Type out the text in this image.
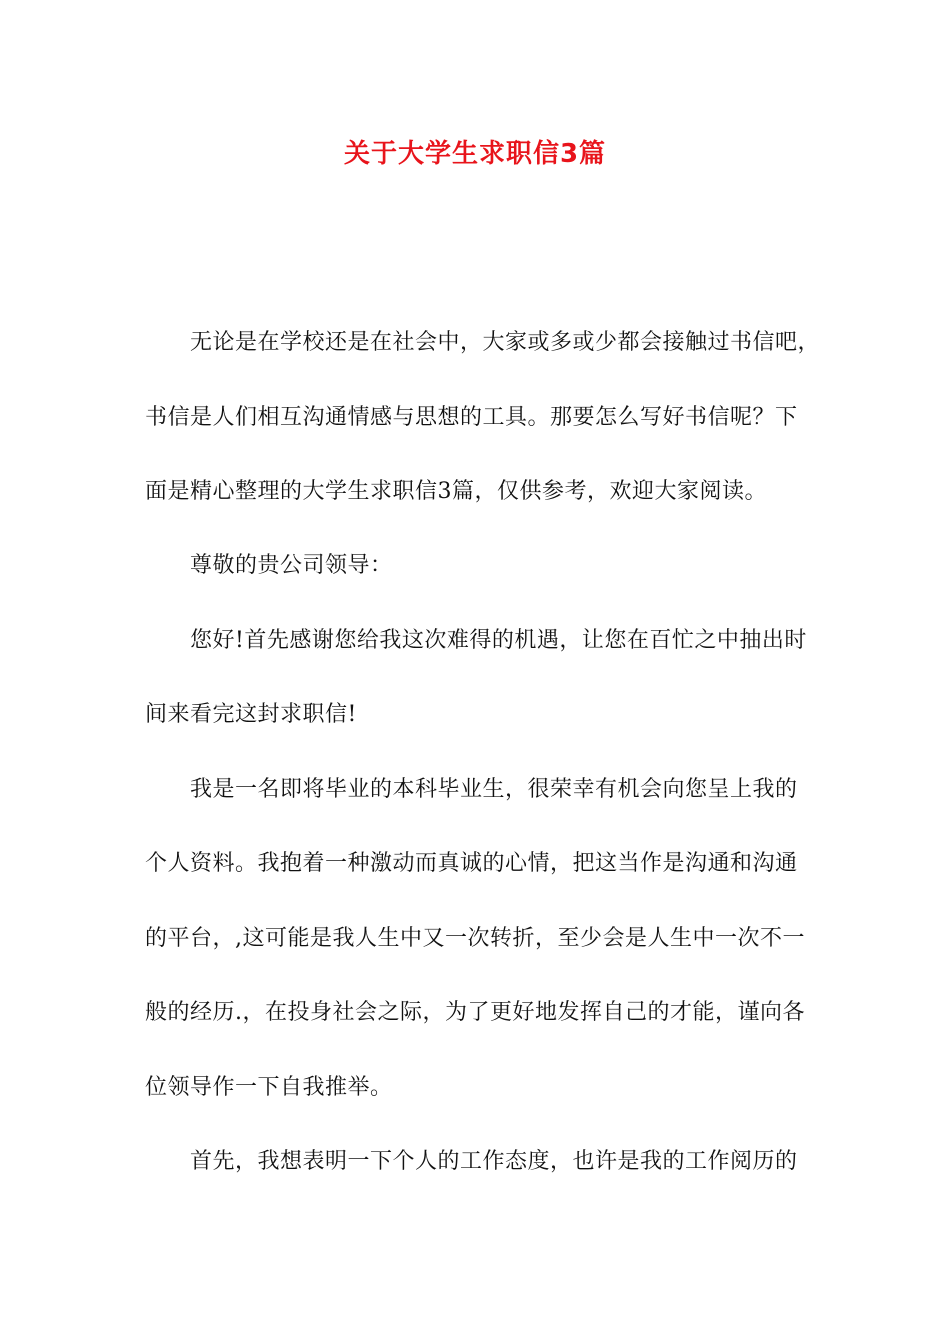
关于大学生求职信3篇
无论是在学校还是在社会中，大家或多或少都会接触过书信吧，
书信是人们相互沟通情感与思想的工具。那要怎么写好书信呢？下
面是精心整理的大学生求职信3篇，仅供参考，欢迎大家阅读。
尊敬的贵公司领导：
您好!首先感谢您给我这次难得的机遇，让您在百忙之中抽出时
间来看完这封求职信!
我是一名即将毕业的本科毕业生，很荣幸有机会向您呈上我的
个人资料。我抱着一种激动而真诚的心情，把这当作是沟通和沟通
的平台，,这可能是我人生中又一次转折，至少会是人生中一次不一
般的经历.，在投身社会之际，为了更好地发挥自己的才能，谨向各
位领导作一下自我推举。
首先，我想表明一下个人的工作态度，也许是我的工作阅历的
